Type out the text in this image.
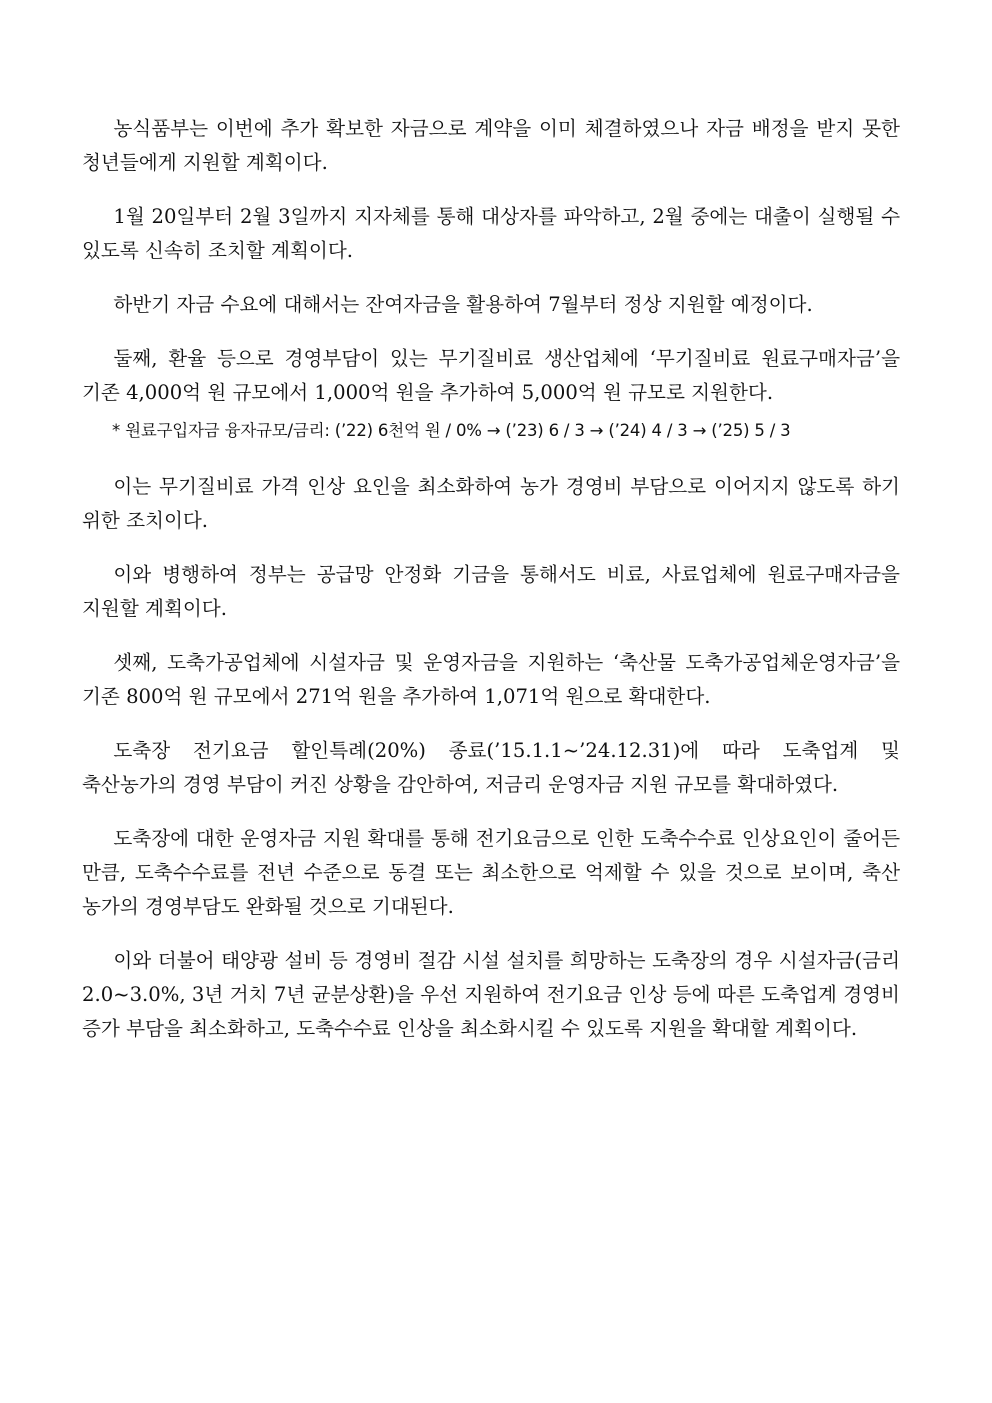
농식품부는 이번에 추가 확보한 자금으로 계약을 이미 체결하였으나 자금 배정을 받지 못한 청년들에게 지원할 계획이다.

1월 20일부터 2월 3일까지 지자체를 통해 대상자를 파악하고, 2월 중에는 대출이 실행될 수 있도록 신속히 조치할 계획이다.

하반기 자금 수요에 대해서는 잔여자금을 활용하여 7월부터 정상 지원할 예정이다.

둘째, 환율 등으로 경영부담이 있는 무기질비료 생산업체에 ‘무기질비료 원료구매자금’을 기존 4,000억 원 규모에서 1,000억 원을 추가하여 5,000억 원 규모로 지원한다.

* 원료구입자금 융자규모/금리: (’22) 6천억 원 / 0% → (’23) 6 / 3 → (’24) 4 / 3 → (’25) 5 / 3

이는 무기질비료 가격 인상 요인을 최소화하여 농가 경영비 부담으로 이어지지 않도록 하기 위한 조치이다.

이와 병행하여 정부는 공급망 안정화 기금을 통해서도 비료, 사료업체에 원료구매자금을 지원할 계획이다.

셋째, 도축가공업체에 시설자금 및 운영자금을 지원하는 ‘축산물 도축가공업체운영자금’을 기존 800억 원 규모에서 271억 원을 추가하여 1,071억 원으로 확대한다.

도축장 전기요금 할인특례(20%) 종료(’15.1.1~’24.12.31)에 따라 도축업계 및 축산농가의 경영 부담이 커진 상황을 감안하여, 저금리 운영자금 지원 규모를 확대하였다.

도축장에 대한 운영자금 지원 확대를 통해 전기요금으로 인한 도축수수료 인상요인이 줄어든 만큼, 도축수수료를 전년 수준으로 동결 또는 최소한으로 억제할 수 있을 것으로 보이며, 축산 농가의 경영부담도 완화될 것으로 기대된다.

이와 더불어 태양광 설비 등 경영비 절감 시설 설치를 희망하는 도축장의 경우 시설자금(금리 2.0~3.0%, 3년 거치 7년 균분상환)을 우선 지원하여 전기요금 인상 등에 따른 도축업계 경영비 증가 부담을 최소화하고, 도축수수료 인상을 최소화시킬 수 있도록 지원을 확대할 계획이다.
